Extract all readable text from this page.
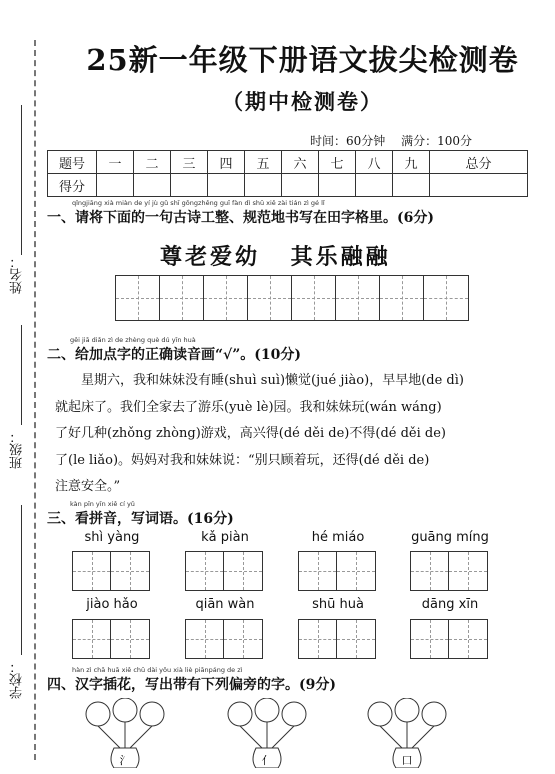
姓名：
班级：
学校：
25新一年级下册语文拔尖检测卷
（期中检测卷）
时间：60分钟 满分：100分
题号	一	二	三	四	五	六	七	八	九	总分
得分										
qǐngjiāng xià miàn de yí jù gǔ shī gōngzhěng guī fàn dì shū xiě zài tián zì gé lǐ
一、请将下面的一句古诗工整、规范地书写在田字格里。(6分)
尊老爱幼 其乐融融
gěi jiā diǎn zì de zhèng què dú yīn huà
二、给加点字的正确读音画“√”。(10分)

星期六，我和妹妹没有睡(shuì suì)懒觉(jué jiào)，早早地(de dì)

就起床了。我们全家去了游乐(yuè lè)园。我和妹妹玩(wán wáng)
了好几种(zhǒng zhòng)游戏，高兴得(dé děi de)不得(dé děi de)
了(le liǎo)。妈妈对我和妹妹说：“别只顾着玩，还得(dé děi de)
注意安全。”
kàn pīn yīn xiě cí yǔ
三、看拼音，写词语。(16分)
shì yàng	kǎ piàn	hé miáo	guāng míng
jiào hǎo	qiān wàn	shū huà	dāng xīn
hàn zì chā huā xiě chū dài yǒu xià liè piānpáng de zì
四、汉字插花，写出带有下列偏旁的字。(9分)
氵	亻	口
